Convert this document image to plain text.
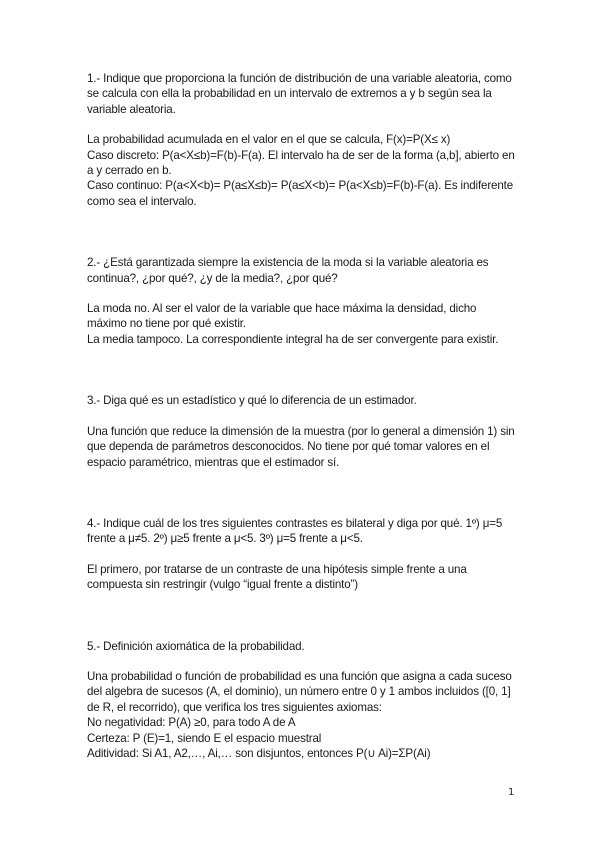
1.- Indique que proporciona la función de distribución de una variable aleatoria, como se calcula con ella la probabilidad en un intervalo de extremos a y b según sea la variable aleatoria.

La probabilidad acumulada en el valor en el que se calcula, F(x)=P(X≤ x)
Caso discreto: P(a<X≤b)=F(b)-F(a). El intervalo ha de ser de la forma (a,b], abierto en a y cerrado en b.
Caso continuo: P(a<X<b)= P(a≤X≤b)= P(a≤X<b)= P(a<X≤b)=F(b)-F(a). Es indiferente como sea el intervalo.

2.- ¿Está garantizada siempre la existencia de la moda si la variable aleatoria es continua?, ¿por qué?, ¿y de la media?, ¿por qué?

La moda no. Al ser el valor de la variable que hace máxima la densidad, dicho máximo no tiene por qué existir.
La media tampoco. La correspondiente integral ha de ser convergente para existir.

3.- Diga qué es un estadístico y qué lo diferencia de un estimador.

Una función que reduce la dimensión de la muestra (por lo general a dimensión 1) sin que dependa de parámetros desconocidos. No tiene por qué tomar valores en el espacio paramétrico, mientras que el estimador sí.

4.- Indique cuál de los tres siguientes contrastes es bilateral y diga por qué. 1º) μ=5 frente a μ≠5. 2º) μ≥5 frente a μ<5. 3º) μ=5 frente a μ<5.

El primero, por tratarse de un contraste de una hipótesis simple frente a una compuesta sin restringir (vulgo “igual frente a distinto”)

5.- Definición axiomática de la probabilidad.

Una probabilidad o función de probabilidad es una función que asigna a cada suceso del algebra de sucesos (A, el dominio), un número entre 0 y 1 ambos incluidos ([0, 1] de R, el recorrido), que verifica los tres siguientes axiomas:
No negatividad: P(A) ≥0, para todo A de A
Certeza: P (E)=1, siendo E el espacio muestral
Aditividad: Si A1, A2,…, Ai,… son disjuntos, entonces P(∪ Ai)=ΣP(Ai)
1
